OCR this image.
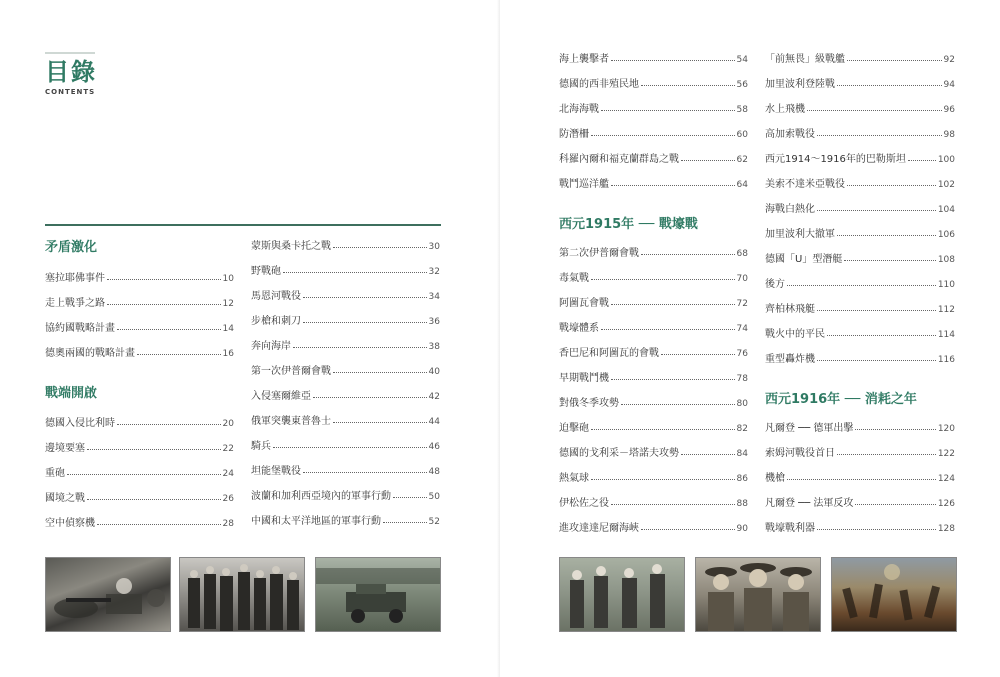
目錄
CONTENTS
矛盾激化
塞拉耶佛事件	10
走上戰爭之路	12
協約國戰略計畫	14
德奧兩國的戰略計畫	16
戰端開啟
德國入侵比利時	20
邊境要塞	22
重砲	24
國境之戰	26
空中偵察機	28
蒙斯與桑卡托之戰	30
野戰砲	32
馬恩河戰役	34
步槍和刺刀	36
奔向海岸	38
第一次伊普爾會戰	40
入侵塞爾維亞	42
俄軍突襲東普魯士	44
騎兵	46
坦能堡戰役	48
波蘭和加利西亞境內的軍事行動	50
中國和太平洋地區的軍事行動	52
海上襲擊者	54
德國的西非殖民地	56
北海海戰	58
防潛柵	60
科羅內爾和福克蘭群島之戰	62
戰鬥巡洋艦	64
西元1915年 ── 戰壕戰
第二次伊普爾會戰	68
毒氣戰	70
阿圖瓦會戰	72
戰壕體系	74
香巴尼和阿圖瓦的會戰	76
早期戰鬥機	78
對俄冬季攻勢	80
迫擊砲	82
德國的戈利采－塔諾夫攻勢	84
熱氣球	86
伊松佐之役	88
進攻達達尼爾海峽	90
「前無畏」級戰艦	92
加里波利登陸戰	94
水上飛機	96
高加索戰役	98
西元1914～1916年的巴勒斯坦	100
美索不達米亞戰役	102
海戰白熱化	104
加里波利大撤軍	106
德國「U」型潛艇	108
後方	110
齊柏林飛艇	112
戰火中的平民	114
重型轟炸機	116
西元1916年 ── 消耗之年
凡爾登 ── 德軍出擊	120
索姆河戰役首日	122
機槍	124
凡爾登 ── 法軍反攻	126
戰壕戰利器	128
